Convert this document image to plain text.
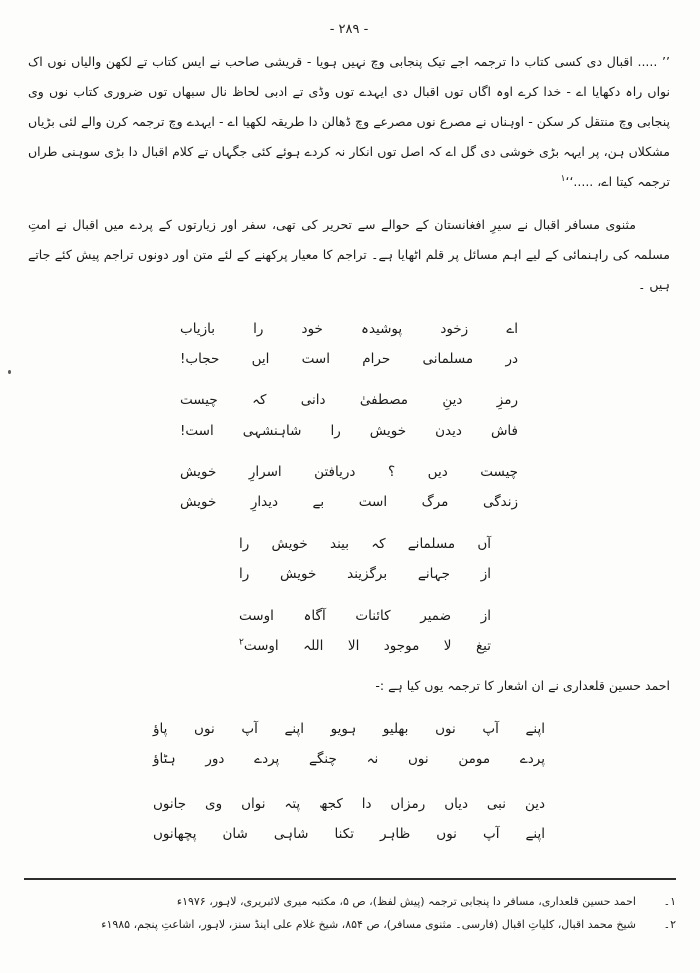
- ۲۸۹ -

’’ ..... اقبال دی کسی کتاب دا ترجمہ اجے تیک پنجابی وچ نہیں ہویا - قریشی صاحب نے ایس کتاب تے لکھن والیاں نوں اک نواں راہ دکھایا اے - خدا کرے اوہ اگاں توں اقبال دی ایہدے توں وڈی تے ادبی لحاظ نال سبھاں توں ضروری کتاب نوں وی پنجابی وچ منتقل کر سکن - اوہناں نے مصرع نوں مصرعے وچ ڈھالن دا طریقہ لکھیا اے - ایہدے وچ ترجمہ کرن والے لئی بڑیاں مشکلاں ہن، پر ایہہ بڑی خوشی دی گل اے کہ اصل توں انکار نہ کردے ہوئے کئی جگہاں تے کلام اقبال دا بڑی سوہنی طراں ترجمہ کیتا اے، .....‘‘$^۱$

مثنوی مسافر اقبال نے سیرِ افغانستان کے حوالے سے تحریر کی تھی، سفر اور زیارتوں کے پردے میں اقبال نے امتِ مسلمہ کی راہنمائی کے لیے اہم مسائل پر قلم اٹھایا ہے۔ تراجم کا معیار پرکھنے کے لئے متن اور دونوں تراجم پیش کئے جاتے ہیں ۔

اے زخود پوشیدہ خود را بازیاب
در مسلمانی حرام است ایں حجاب!
رمزِ دینِ مصطفیٰ دانی کہ چیست
فاش دیدن خویش را شاہنشہی است!
چیست دیں ؟ دریافتن اسرارِ خویش
زندگی مرگ است بے دیدارِ خویش
آں مسلمانے کہ بیند خویش را
از جہانے برگزیند خویش را
از ضمیر کائنات آگاہ اوست
تیغ لا موجود الا اللہ اوست$^۲$

احمد حسین قلعداری نے ان اشعار کا ترجمہ یوں کیا ہے :-

اپنے آپ نوں بھلیو ہویو اپنے آپ نوں پاؤ
پردے مومن نوں نہ چنگے پردے دور ہٹاؤ
دین نبی دیاں رمزاں دا کجھ پتہ نواں وی جانوں
اپنے آپ نوں ظاہر تکنا شاہی شان پچھانوں
۱۔
احمد حسین قلعداری، مسافر دا پنجابی ترجمہ (پیش لفظ)، ص ۵، مکتبہ میری لائبریری، لاہور، ۱۹۷۶ء
۲۔
شیخ محمد اقبال، کلیاتِ اقبال (فارسی۔ مثنوی مسافر)، ص ۸۵۴، شیخ غلام علی اینڈ سنز، لاہور، اشاعتِ پنجم، ۱۹۸۵ء
